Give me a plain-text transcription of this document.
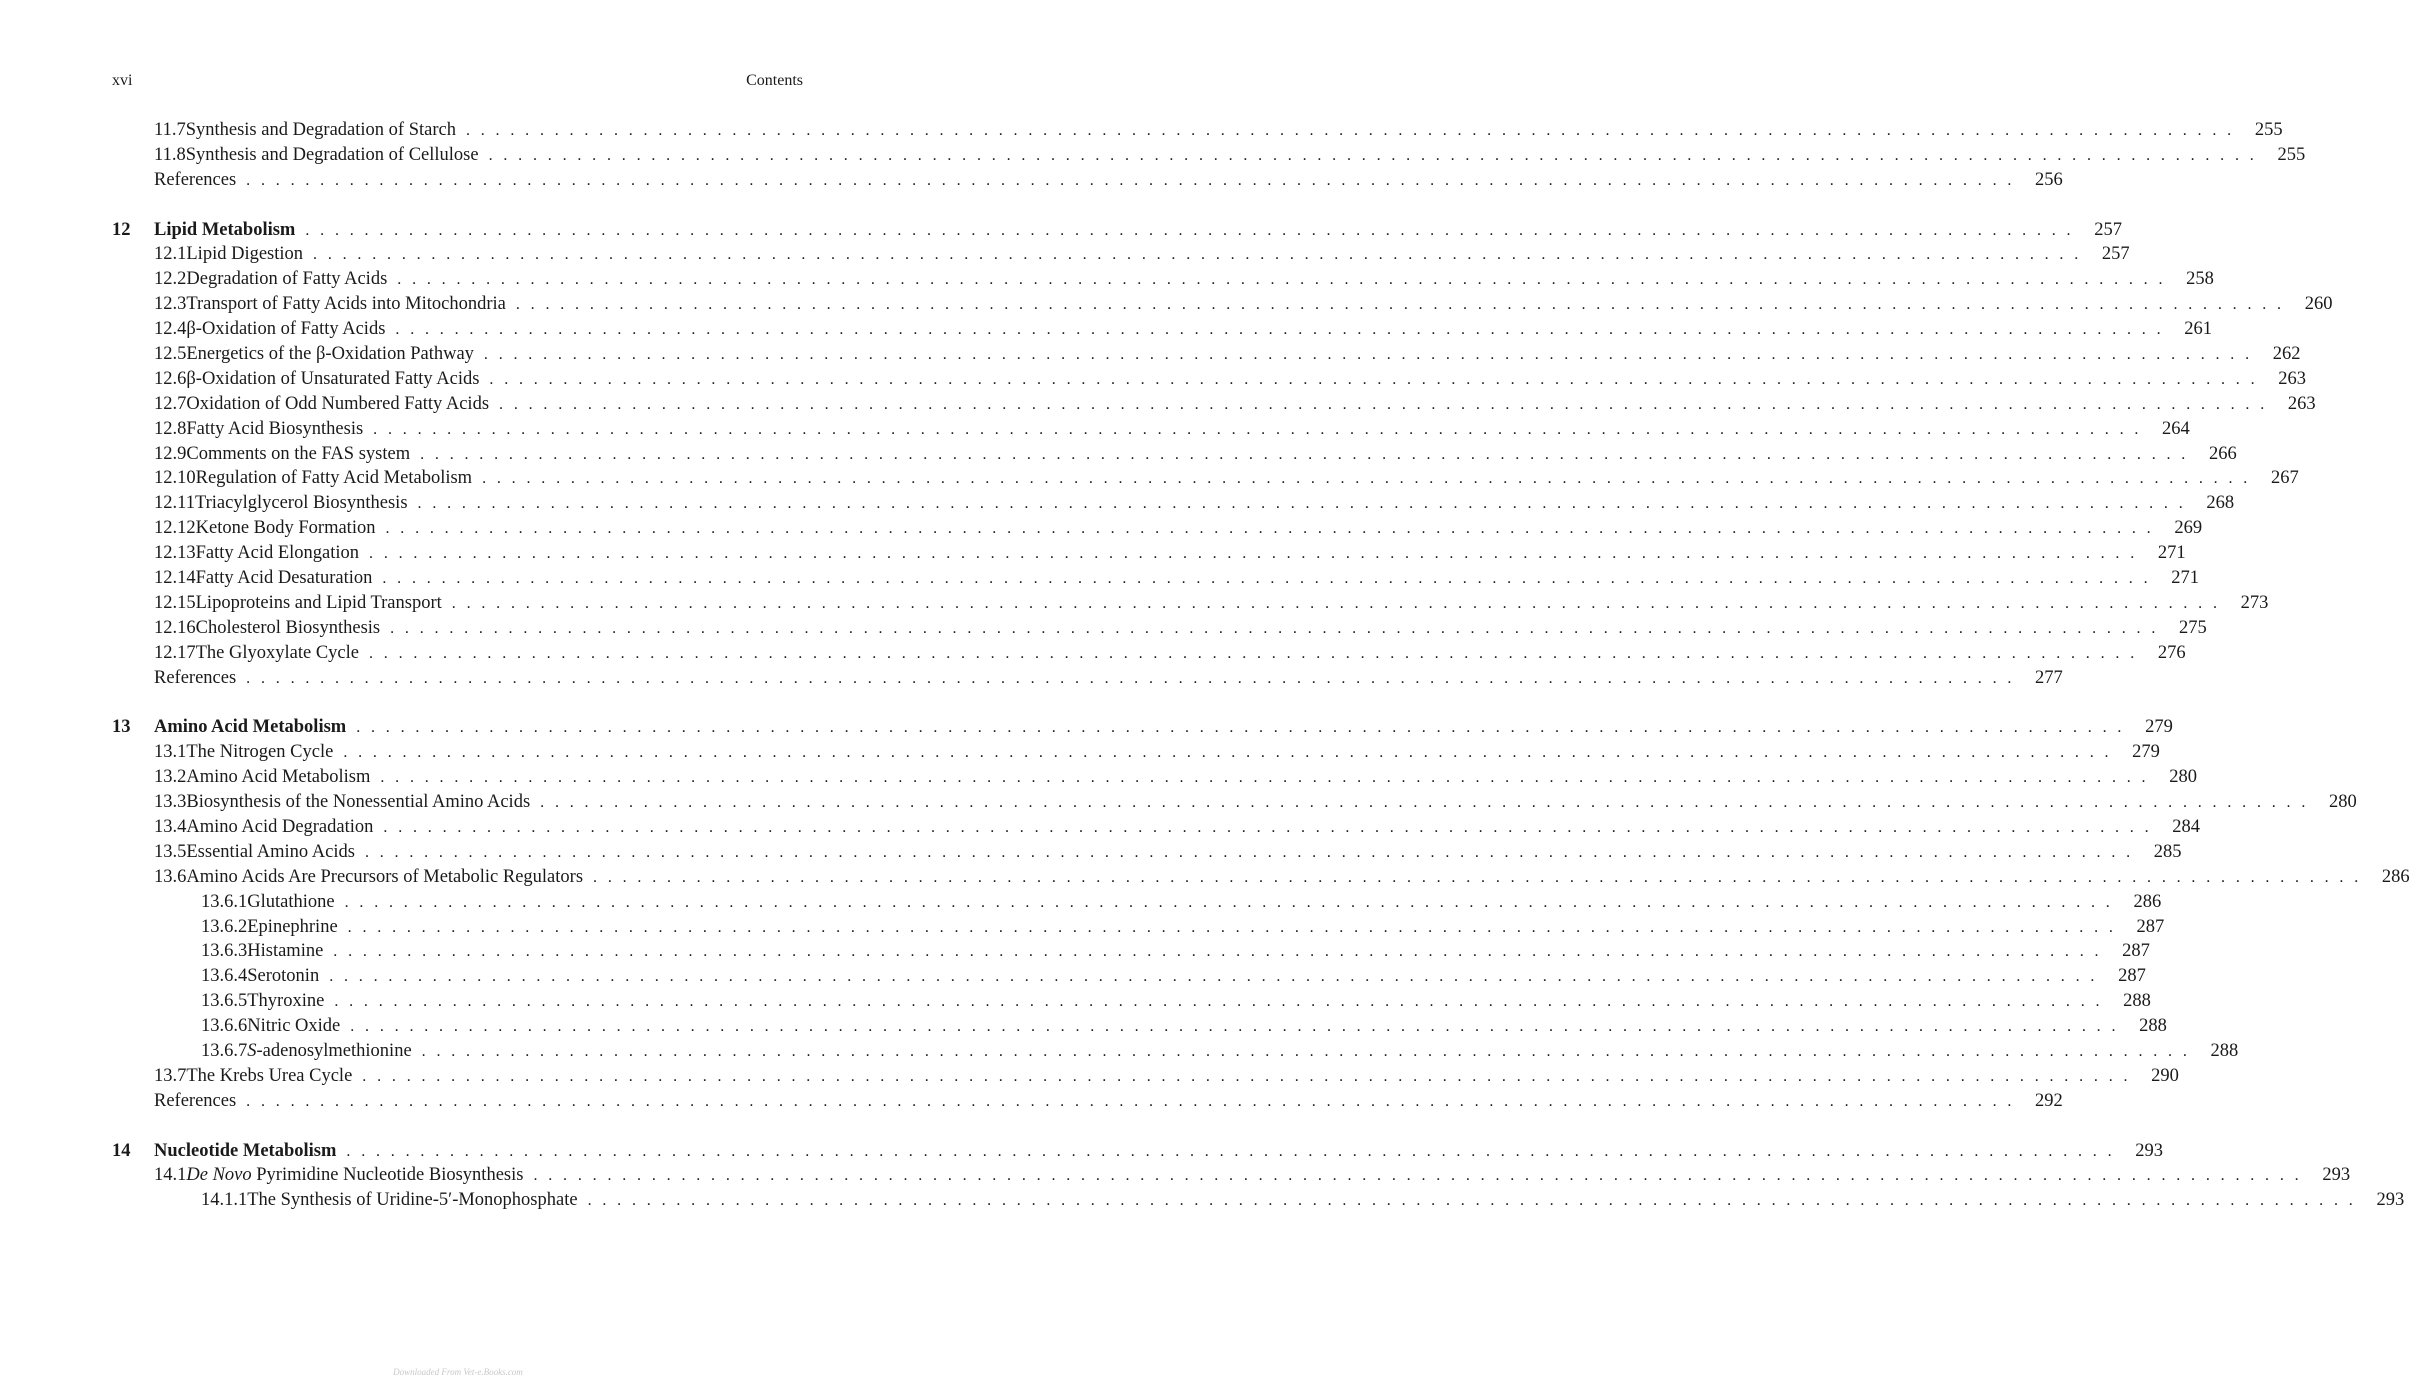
xvi	Contents
11.7 Synthesis and Degradation of Starch . . . . . . . . . . . . . . . . . . . . . . . . . . . . . . . . . . . . . . . . . . . . . . . . . . . . . . . . . . . . . . . . . . . . . . . . . . . . . . . . . . . . . . . . . . . . . . . . . . . . . . . . . . . . . . . . . . . . . . . .	255
11.8 Synthesis and Degradation of Cellulose . . . . . . . . . . . . . . . . . . . . . . . . . . . . . . . . . . . . . . . . . . . . . . . . . . . . . . . . . . . . . . . . . . . . . . . . . . . . . . . . . . . . . . . . . . . . . . . . . . . . . . . . . . . . . . . . . . . . . . . .	255
References . . . . . . . . . . . . . . . . . . . . . . . . . . . . . . . . . . . . . . . . . . . . . . . . . . . . . . . . . . . . . . . . . . . . . . . . . . . . . . . . . . . . . . . . . . . . . . . . . . . . . . . . . . . . . . . . . . . . . . . .	256
12 Lipid Metabolism . . . . . . . . . . . . . . . . . . . . . . . . . . . . . . . . . . . . . . . . . . . . . . . . . . . . . . . . . . . . . . . . . . . . . . . . . . . . . . . . . . . . . . . . . . . . . . . . . . . . . . . . . . . . . . . . . . . . . . . .	257
12.1 Lipid Digestion . . . . . . . . . . . . . . . . . . . . . . . . . . . . . . . . . . . . . . . . . . . . . . . . . . . . . . . . . . . . . . . . . . . . . . . . . . . . . . . . . . . . . . . . . . . . . . . . . . . . . . . . . . . . . . . . . . . . . . . .	257
12.2 Degradation of Fatty Acids . . . . . . . . . . . . . . . . . . . . . . . . . . . . . . . . . . . . . . . . . . . . . . . . . . . . . . . . . . . . . . . . . . . . . . . . . . . . . . . . . . . . . . . . . . . . . . . . . . . . . . . . . . . . . . . . . . . . . . . .	258
12.3 Transport of Fatty Acids into Mitochondria . . . . . . . . . . . . . . . . . . . . . . . . . . . . . . . . . . . . . . . . . . . . . . . . . . . . . . . . . . . . . . . . . . . . . . . . . . . . . . . . . . . . . . . . . . . . . . . . . . . . . . . . . . . . . . . . . . . . . . . .	260
12.4 β-Oxidation of Fatty Acids . . . . . . . . . . . . . . . . . . . . . . . . . . . . . . . . . . . . . . . . . . . . . . . . . . . . . . . . . . . . . . . . . . . . . . . . . . . . . . . . . . . . . . . . . . . . . . . . . . . . . . . . . . . . . . . . . . . . . . . .	261
12.5 Energetics of the β-Oxidation Pathway . . . . . . . . . . . . . . . . . . . . . . . . . . . . . . . . . . . . . . . . . . . . . . . . . . . . . . . . . . . . . . . . . . . . . . . . . . . . . . . . . . . . . . . . . . . . . . . . . . . . . . . . . . . . . . . . . . . . . . . .	262
12.6 β-Oxidation of Unsaturated Fatty Acids . . . . . . . . . . . . . . . . . . . . . . . . . . . . . . . . . . . . . . . . . . . . . . . . . . . . . . . . . . . . . . . . . . . . . . . . . . . . . . . . . . . . . . . . . . . . . . . . . . . . . . . . . . . . . . . . . . . . . . . .	263
12.7 Oxidation of Odd Numbered Fatty Acids . . . . . . . . . . . . . . . . . . . . . . . . . . . . . . . . . . . . . . . . . . . . . . . . . . . . . . . . . . . . . . . . . . . . . . . . . . . . . . . . . . . . . . . . . . . . . . . . . . . . . . . . . . . . . . . . . . . . . . . .	263
12.8 Fatty Acid Biosynthesis . . . . . . . . . . . . . . . . . . . . . . . . . . . . . . . . . . . . . . . . . . . . . . . . . . . . . . . . . . . . . . . . . . . . . . . . . . . . . . . . . . . . . . . . . . . . . . . . . . . . . . . . . . . . . . . . . . . . . . . .	264
12.9 Comments on the FAS system . . . . . . . . . . . . . . . . . . . . . . . . . . . . . . . . . . . . . . . . . . . . . . . . . . . . . . . . . . . . . . . . . . . . . . . . . . . . . . . . . . . . . . . . . . . . . . . . . . . . . . . . . . . . . . . . . . . . . . . .	266
12.10 Regulation of Fatty Acid Metabolism . . . . . . . . . . . . . . . . . . . . . . . . . . . . . . . . . . . . . . . . . . . . . . . . . . . . . . . . . . . . . . . . . . . . . . . . . . . . . . . . . . . . . . . . . . . . . . . . . . . . . . . . . . . . . . . . . . . . . . . .	267
12.11 Triacylglycerol Biosynthesis . . . . . . . . . . . . . . . . . . . . . . . . . . . . . . . . . . . . . . . . . . . . . . . . . . . . . . . . . . . . . . . . . . . . . . . . . . . . . . . . . . . . . . . . . . . . . . . . . . . . . . . . . . . . . . . . . . . . . . . .	268
12.12 Ketone Body Formation . . . . . . . . . . . . . . . . . . . . . . . . . . . . . . . . . . . . . . . . . . . . . . . . . . . . . . . . . . . . . . . . . . . . . . . . . . . . . . . . . . . . . . . . . . . . . . . . . . . . . . . . . . . . . . . . . . . . . . . .	269
12.13 Fatty Acid Elongation . . . . . . . . . . . . . . . . . . . . . . . . . . . . . . . . . . . . . . . . . . . . . . . . . . . . . . . . . . . . . . . . . . . . . . . . . . . . . . . . . . . . . . . . . . . . . . . . . . . . . . . . . . . . . . . . . . . . . . . .	271
12.14 Fatty Acid Desaturation . . . . . . . . . . . . . . . . . . . . . . . . . . . . . . . . . . . . . . . . . . . . . . . . . . . . . . . . . . . . . . . . . . . . . . . . . . . . . . . . . . . . . . . . . . . . . . . . . . . . . . . . . . . . . . . . . . . . . . . .	271
12.15 Lipoproteins and Lipid Transport . . . . . . . . . . . . . . . . . . . . . . . . . . . . . . . . . . . . . . . . . . . . . . . . . . . . . . . . . . . . . . . . . . . . . . . . . . . . . . . . . . . . . . . . . . . . . . . . . . . . . . . . . . . . . . . . . . . . . . . .	273
12.16 Cholesterol Biosynthesis . . . . . . . . . . . . . . . . . . . . . . . . . . . . . . . . . . . . . . . . . . . . . . . . . . . . . . . . . . . . . . . . . . . . . . . . . . . . . . . . . . . . . . . . . . . . . . . . . . . . . . . . . . . . . . . . . . . . . . . .	275
12.17 The Glyoxylate Cycle . . . . . . . . . . . . . . . . . . . . . . . . . . . . . . . . . . . . . . . . . . . . . . . . . . . . . . . . . . . . . . . . . . . . . . . . . . . . . . . . . . . . . . . . . . . . . . . . . . . . . . . . . . . . . . . . . . . . . . . .	276
References . . . . . . . . . . . . . . . . . . . . . . . . . . . . . . . . . . . . . . . . . . . . . . . . . . . . . . . . . . . . . . . . . . . . . . . . . . . . . . . . . . . . . . . . . . . . . . . . . . . . . . . . . . . . . . . . . . . . . . . .	277
13 Amino Acid Metabolism . . . . . . . . . . . . . . . . . . . . . . . . . . . . . . . . . . . . . . . . . . . . . . . . . . . . . . . . . . . . . . . . . . . . . . . . . . . . . . . . . . . . . . . . . . . . . . . . . . . . . . . . . . . . . . . . . . . . . . . .	279
13.1 The Nitrogen Cycle . . . . . . . . . . . . . . . . . . . . . . . . . . . . . . . . . . . . . . . . . . . . . . . . . . . . . . . . . . . . . . . . . . . . . . . . . . . . . . . . . . . . . . . . . . . . . . . . . . . . . . . . . . . . . . . . . . . . . . . .	279
13.2 Amino Acid Metabolism . . . . . . . . . . . . . . . . . . . . . . . . . . . . . . . . . . . . . . . . . . . . . . . . . . . . . . . . . . . . . . . . . . . . . . . . . . . . . . . . . . . . . . . . . . . . . . . . . . . . . . . . . . . . . . . . . . . . . . . .	280
13.3 Biosynthesis of the Nonessential Amino Acids . . . . . . . . . . . . . . . . . . . . . . . . . . . . . . . . . . . . . . . . . . . . . . . . . . . . . . . . . . . . . . . . . . . . . . . . . . . . . . . . . . . . . . . . . . . . . . . . . . . . . . . . . . . . . . . . . . . . . . . .	280
13.4 Amino Acid Degradation . . . . . . . . . . . . . . . . . . . . . . . . . . . . . . . . . . . . . . . . . . . . . . . . . . . . . . . . . . . . . . . . . . . . . . . . . . . . . . . . . . . . . . . . . . . . . . . . . . . . . . . . . . . . . . . . . . . . . . . .	284
13.5 Essential Amino Acids . . . . . . . . . . . . . . . . . . . . . . . . . . . . . . . . . . . . . . . . . . . . . . . . . . . . . . . . . . . . . . . . . . . . . . . . . . . . . . . . . . . . . . . . . . . . . . . . . . . . . . . . . . . . . . . . . . . . . . . .	285
13.6 Amino Acids Are Precursors of Metabolic Regulators . . . . . . . . . . . . . . . . . . . . . . . . . . . . . . . . . . . . . . . . . . . . . . . . . . . . . . . . . . . . . . . . . . . . . . . . . . . . . . . . . . . . . . . . . . . . . . . . . . . . . . . . . . . . . . . . . . . . . . . .	286
13.6.1 Glutathione . . . . . . . . . . . . . . . . . . . . . . . . . . . . . . . . . . . . . . . . . . . . . . . . . . . . . . . . . . . . . . . . . . . . . . . . . . . . . . . . . . . . . . . . . . . . . . . . . . . . . . . . . . . . . . . . . . . . . . . .	286
13.6.2 Epinephrine . . . . . . . . . . . . . . . . . . . . . . . . . . . . . . . . . . . . . . . . . . . . . . . . . . . . . . . . . . . . . . . . . . . . . . . . . . . . . . . . . . . . . . . . . . . . . . . . . . . . . . . . . . . . . . . . . . . . . . . .	287
13.6.3 Histamine . . . . . . . . . . . . . . . . . . . . . . . . . . . . . . . . . . . . . . . . . . . . . . . . . . . . . . . . . . . . . . . . . . . . . . . . . . . . . . . . . . . . . . . . . . . . . . . . . . . . . . . . . . . . . . . . . . . . . . . .	287
13.6.4 Serotonin . . . . . . . . . . . . . . . . . . . . . . . . . . . . . . . . . . . . . . . . . . . . . . . . . . . . . . . . . . . . . . . . . . . . . . . . . . . . . . . . . . . . . . . . . . . . . . . . . . . . . . . . . . . . . . . . . . . . . . . .	287
13.6.5 Thyroxine . . . . . . . . . . . . . . . . . . . . . . . . . . . . . . . . . . . . . . . . . . . . . . . . . . . . . . . . . . . . . . . . . . . . . . . . . . . . . . . . . . . . . . . . . . . . . . . . . . . . . . . . . . . . . . . . . . . . . . . .	288
13.6.6 Nitric Oxide . . . . . . . . . . . . . . . . . . . . . . . . . . . . . . . . . . . . . . . . . . . . . . . . . . . . . . . . . . . . . . . . . . . . . . . . . . . . . . . . . . . . . . . . . . . . . . . . . . . . . . . . . . . . . . . . . . . . . . . .	288
13.6.7 S-adenosylmethionine . . . . . . . . . . . . . . . . . . . . . . . . . . . . . . . . . . . . . . . . . . . . . . . . . . . . . . . . . . . . . . . . . . . . . . . . . . . . . . . . . . . . . . . . . . . . . . . . . . . . . . . . . . . . . . . . . . . . . . . .	288
13.7 The Krebs Urea Cycle . . . . . . . . . . . . . . . . . . . . . . . . . . . . . . . . . . . . . . . . . . . . . . . . . . . . . . . . . . . . . . . . . . . . . . . . . . . . . . . . . . . . . . . . . . . . . . . . . . . . . . . . . . . . . . . . . . . . . . . .	290
References . . . . . . . . . . . . . . . . . . . . . . . . . . . . . . . . . . . . . . . . . . . . . . . . . . . . . . . . . . . . . . . . . . . . . . . . . . . . . . . . . . . . . . . . . . . . . . . . . . . . . . . . . . . . . . . . . . . . . . . .	292
14 Nucleotide Metabolism . . . . . . . . . . . . . . . . . . . . . . . . . . . . . . . . . . . . . . . . . . . . . . . . . . . . . . . . . . . . . . . . . . . . . . . . . . . . . . . . . . . . . . . . . . . . . . . . . . . . . . . . . . . . . . . . . . . . . . . .	293
14.1 De Novo Pyrimidine Nucleotide Biosynthesis . . . . . . . . . . . . . . . . . . . . . . . . . . . . . . . . . . . . . . . . . . . . . . . . . . . . . . . . . . . . . . . . . . . . . . . . . . . . . . . . . . . . . . . . . . . . . . . . . . . . . . . . . . . . . . . . . . . . . . . .	293
14.1.1 The Synthesis of Uridine-5′-Monophosphate . . . . . . . . . . . . . . . . . . . . . . . . . . . . . . . . . . . . . . . . . . . . . . . . . . . . . . . . . . . . . . . . . . . . . . . . . . . . . . . . . . . . . . . . . . . . . . . . . . . . . . . . . . . . . . . . . . . . . . . .	293
Downloaded From Vet-e.Books.com
